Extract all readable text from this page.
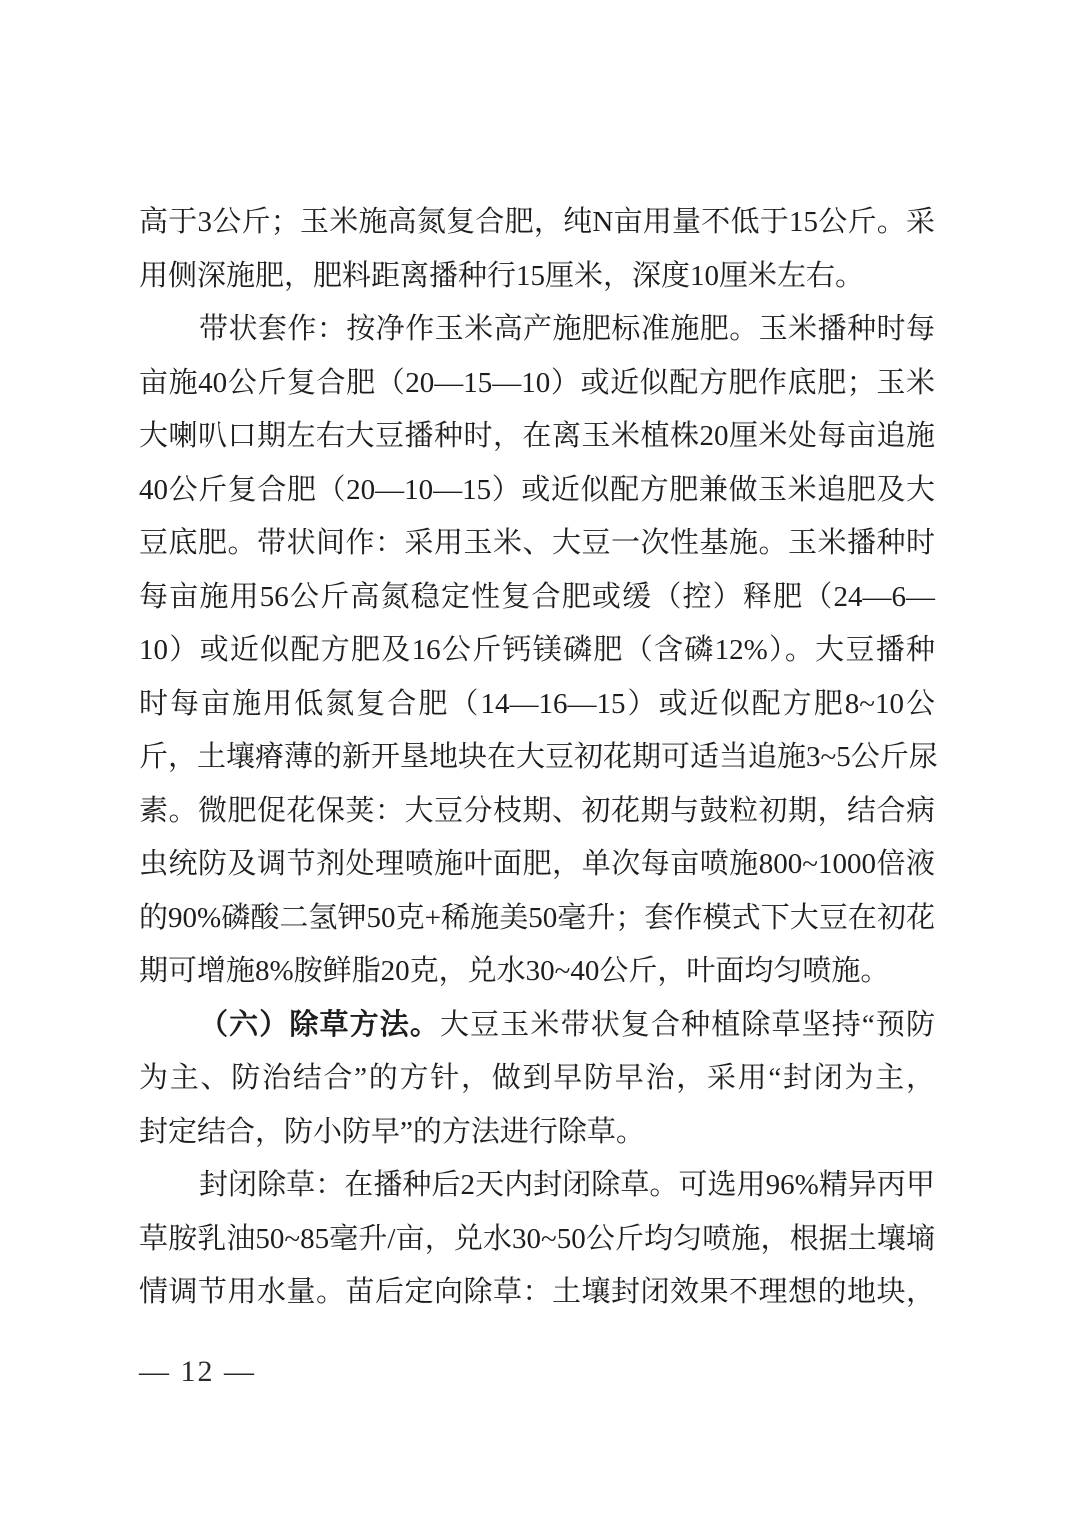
高于3公斤；玉米施高氮复合肥，纯N亩用量不低于15公斤。采
用侧深施肥，肥料距离播种行15厘米，深度10厘米左右。
带状套作：按净作玉米高产施肥标准施肥。玉米播种时每
亩施40公斤复合肥（20—15—10）或近似配方肥作底肥；玉米
大喇叭口期左右大豆播种时，在离玉米植株20厘米处每亩追施
40公斤复合肥（20—10—15）或近似配方肥兼做玉米追肥及大
豆底肥。带状间作：采用玉米、大豆一次性基施。玉米播种时
每亩施用56公斤高氮稳定性复合肥或缓（控）释肥（24—6—
10）或近似配方肥及16公斤钙镁磷肥（含磷12%）。大豆播种
时每亩施用低氮复合肥（14—16—15）或近似配方肥8~10公
斤，土壤瘠薄的新开垦地块在大豆初花期可适当追施3~5公斤尿
素。微肥促花保荚：大豆分枝期、初花期与鼓粒初期，结合病
虫统防及调节剂处理喷施叶面肥，单次每亩喷施800~1000倍液
的90%磷酸二氢钾50克+稀施美50毫升；套作模式下大豆在初花
期可增施8%胺鲜脂20克，兑水30~40公斤，叶面均匀喷施。
（六）除草方法。大豆玉米带状复合种植除草坚持“预防
为主、防治结合”的方针，做到早防早治，采用“封闭为主，
封定结合，防小防早”的方法进行除草。
封闭除草：在播种后2天内封闭除草。可选用96%精异丙甲
草胺乳油50~85毫升/亩，兑水30~50公斤均匀喷施，根据土壤墒
情调节用水量。苗后定向除草：土壤封闭效果不理想的地块，
— 12 —
